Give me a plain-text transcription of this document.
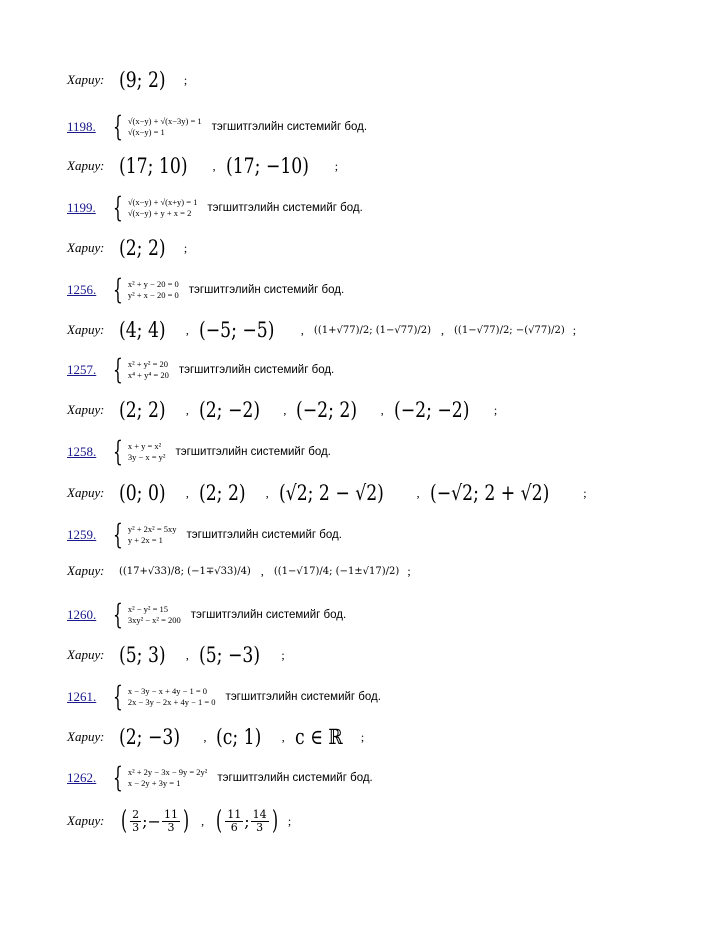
Хариу: (9; 2) ;
1198. { √(x−y) + √(x−3y) = 1
√(x−y) = 1	тэгшитгэлийн системийг бод.
Хариу: (17; 10) , (17; −10) ;
1199. { √(x−y) + √(x+y) = 1
√(x−y) + y + x = 2	тэгшитгэлийн системийг бод.
Хариу: (2; 2) ;
1256. { x² + y − 20 = 0
y² + x − 20 = 0 тэгшитгэлийн системийг бод.
Хариу: (4; 4) , (−5; −5) , ((1+√77)/2; (1−√77)/2) , ((1−√77)/2; −(√77)/2) ;
1257. { x² + y² = 20
x⁴ + y⁴ = 20 тэгшитгэлийн системийг бод.
Хариу: (2; 2) , (2; −2) , (−2; 2) , (−2; −2) ;
1258. { x + y = x²
3y − x = y² тэгшитгэлийн системийг бод.
Хариу: (0; 0) , (2; 2) , (√2; 2 − √2)	, (−√2; 2 + √2)	;
1259. { y² + 2x² = 5xy
y + 2x = 1	тэгшитгэлийн системийг бод.
Хариу:	((17+√33)/8; (−1∓√33)/4) , ((1−√17)/4; (−1±√17)/2) ;
1260. { x² − y² = 15
3xy² − x² = 200 тэгшитгэлийн системийг бод.
Хариу: (5; 3) , (5; −3) ;
1261. { x − 3y − x + 4y − 1 = 0
2x − 3y − 2x + 4y − 1 = 0 тэгшитгэлийн системийг бод.
Хариу: (2; −3) , (c; 1) , c ∈ ℝ ;
1262. { x² + 2y − 3x − 9y = 2y²
x − 2y + 3y = 1	тэгшитгэлийн системийг бод.
Хариу: ( $\frac{2}{3}$ ; − $\frac{11}{3}$ ) , ( $\frac{11}{6}$ ; $\frac{14}{3}$ ) ;
